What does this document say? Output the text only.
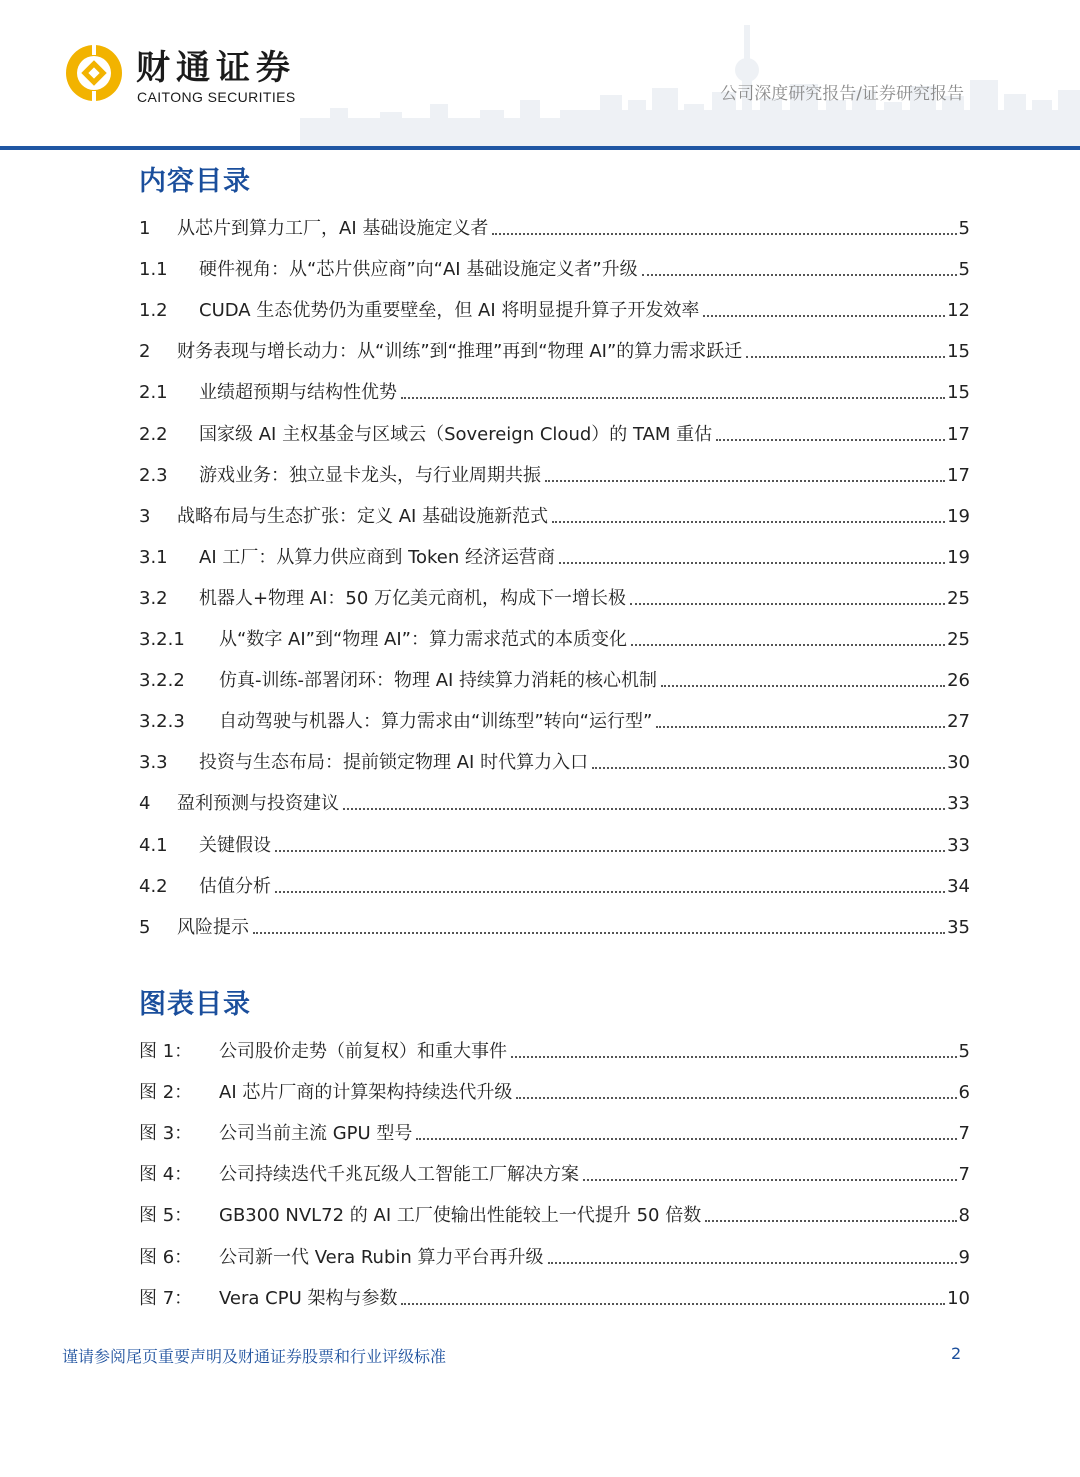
财通证券
CAITONG SECURITIES	公司深度研究报告/证券研究报告
内容目录
1	从芯片到算力工厂，AI 基础设施定义者	5
1.1	硬件视角：从“芯片供应商”向“AI 基础设施定义者”升级	5
1.2	CUDA 生态优势仍为重要壁垒，但 AI 将明显提升算子开发效率	12
2	财务表现与增长动力：从“训练”到“推理”再到“物理 AI”的算力需求跃迁	15
2.1	业绩超预期与结构性优势	15
2.2	国家级 AI 主权基金与区域云（Sovereign Cloud）的 TAM 重估	17
2.3	游戏业务：独立显卡龙头，与行业周期共振	17
3	战略布局与生态扩张：定义 AI 基础设施新范式	19
3.1	AI 工厂：从算力供应商到 Token 经济运营商	19
3.2	机器人+物理 AI：50 万亿美元商机，构成下一增长极	25
3.2.1	从“数字 AI”到“物理 AI”：算力需求范式的本质变化	25
3.2.2	仿真-训练-部署闭环：物理 AI 持续算力消耗的核心机制	26
3.2.3	自动驾驶与机器人：算力需求由“训练型”转向“运行型”	27
3.3	投资与生态布局：提前锁定物理 AI 时代算力入口	30
4	盈利预测与投资建议	33
4.1	关键假设	33
4.2	估值分析	34
5	风险提示	35
图表目录
图 1：	公司股价走势（前复权）和重大事件	5
图 2：	AI 芯片厂商的计算架构持续迭代升级	6
图 3：	公司当前主流 GPU 型号	7
图 4：	公司持续迭代千兆瓦级人工智能工厂解决方案	7
图 5：	GB300 NVL72 的 AI 工厂使输出性能较上一代提升 50 倍数	8
图 6：	公司新一代 Vera Rubin 算力平台再升级	9
图 7：	Vera CPU 架构与参数	10
谨请参阅尾页重要声明及财通证券股票和行业评级标准	2
